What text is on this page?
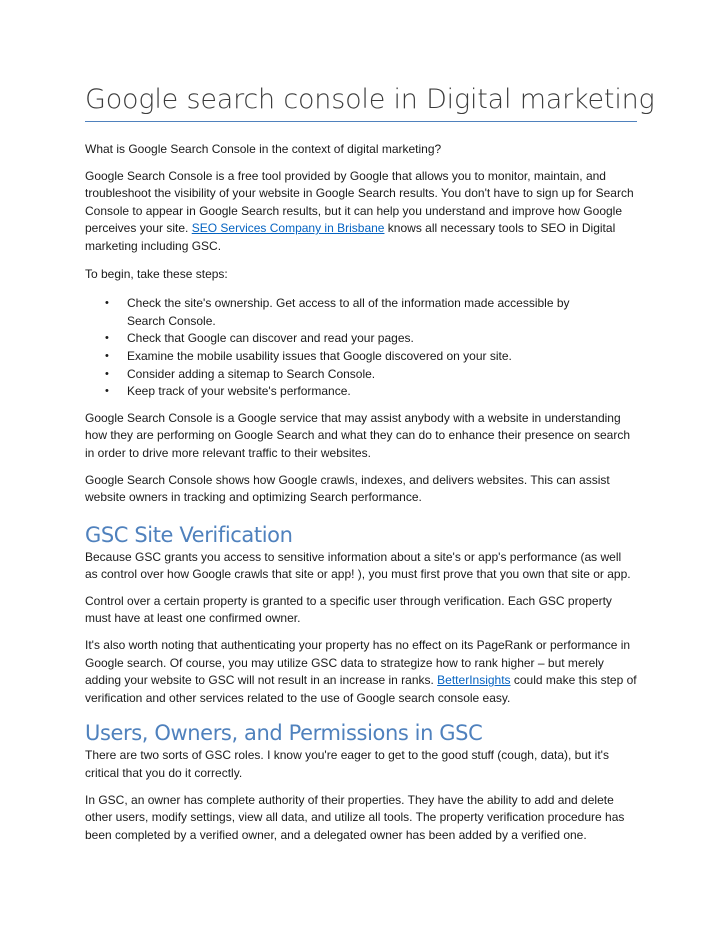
Google search console in Digital marketing

What is Google Search Console in the context of digital marketing?

Google Search Console is a free tool provided by Google that allows you to monitor, maintain, and troubleshoot the visibility of your website in Google Search results. You don't have to sign up for Search Console to appear in Google Search results, but it can help you understand and improve how Google perceives your site. SEO Services Company in Brisbane knows all necessary tools to SEO in Digital marketing including GSC.

To begin, take these steps:

• Check the site's ownership. Get access to all of the information made accessible by Search Console.
• Check that Google can discover and read your pages.
• Examine the mobile usability issues that Google discovered on your site.
• Consider adding a sitemap to Search Console.
• Keep track of your website's performance.

Google Search Console is a Google service that may assist anybody with a website in understanding how they are performing on Google Search and what they can do to enhance their presence on search in order to drive more relevant traffic to their websites.

Google Search Console shows how Google crawls, indexes, and delivers websites. This can assist website owners in tracking and optimizing Search performance.

GSC Site Verification

Because GSC grants you access to sensitive information about a site's or app's performance (as well as control over how Google crawls that site or app! ), you must first prove that you own that site or app.

Control over a certain property is granted to a specific user through verification. Each GSC property must have at least one confirmed owner.

It's also worth noting that authenticating your property has no effect on its PageRank or performance in Google search. Of course, you may utilize GSC data to strategize how to rank higher – but merely adding your website to GSC will not result in an increase in ranks. BetterInsights could make this step of verification and other services related to the use of Google search console easy.

Users, Owners, and Permissions in GSC

There are two sorts of GSC roles. I know you're eager to get to the good stuff (cough, data), but it's critical that you do it correctly.

In GSC, an owner has complete authority of their properties. They have the ability to add and delete other users, modify settings, view all data, and utilize all tools. The property verification procedure has been completed by a verified owner, and a delegated owner has been added by a verified one.
